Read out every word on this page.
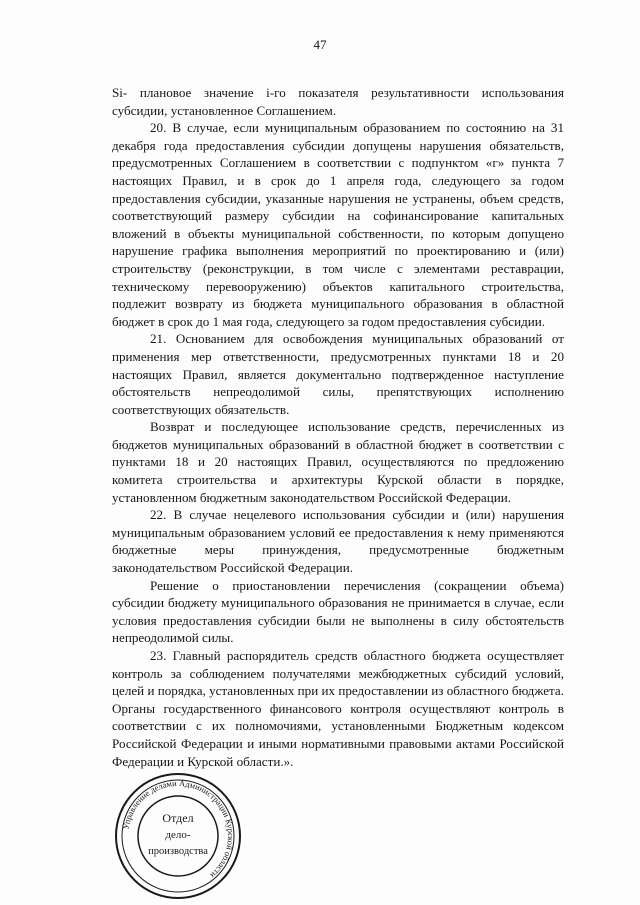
47

Si- плановое значение i-го показателя результативности использования субсидии, установленное Соглашением.

20. В случае, если муниципальным образованием по состоянию на 31 декабря года предоставления субсидии допущены нарушения обязательств, предусмотренных Соглашением в соответствии с подпунктом «г» пункта 7 настоящих Правил, и в срок до 1 апреля года, следующего за годом предоставления субсидии, указанные нарушения не устранены, объем средств, соответствующий размеру субсидии на софинансирование капитальных вложений в объекты муниципальной собственности, по которым допущено нарушение графика выполнения мероприятий по проектированию и (или) строительству (реконструкции, в том числе с элементами реставрации, техническому перевооружению) объектов капитального строительства, подлежит возврату из бюджета муниципального образования в областной бюджет в срок до 1 мая года, следующего за годом предоставления субсидии.

21. Основанием для освобождения муниципальных образований от применения мер ответственности, предусмотренных пунктами 18 и 20 настоящих Правил, является документально подтвержденное наступление обстоятельств непреодолимой силы, препятствующих исполнению соответствующих обязательств.

Возврат и последующее использование средств, перечисленных из бюджетов муниципальных образований в областной бюджет в соответствии с пунктами 18 и 20 настоящих Правил, осуществляются по предложению комитета строительства и архитектуры Курской области в порядке, установленном бюджетным законодательством Российской Федерации.

22. В случае нецелевого использования субсидии и (или) нарушения муниципальным образованием условий ее предоставления к нему применяются бюджетные меры принуждения, предусмотренные бюджетным законодательством Российской Федерации.

Решение о приостановлении перечисления (сокращении объема) субсидии бюджету муниципального образования не принимается в случае, если условия предоставления субсидии были не выполнены в силу обстоятельств непреодолимой силы.

23. Главный распорядитель средств областного бюджета осуществляет контроль за соблюдением получателями межбюджетных субсидий условий, целей и порядка, установленных при их предоставлении из областного бюджета. Органы государственного финансового контроля осуществляют контроль в соответствии с их полномочиями, установленными Бюджетным кодексом Российской Федерации и иными нормативными правовыми актами Российской Федерации и Курской области.».

Управление делами Администрации Курской области
Отдел
дело-
производства
